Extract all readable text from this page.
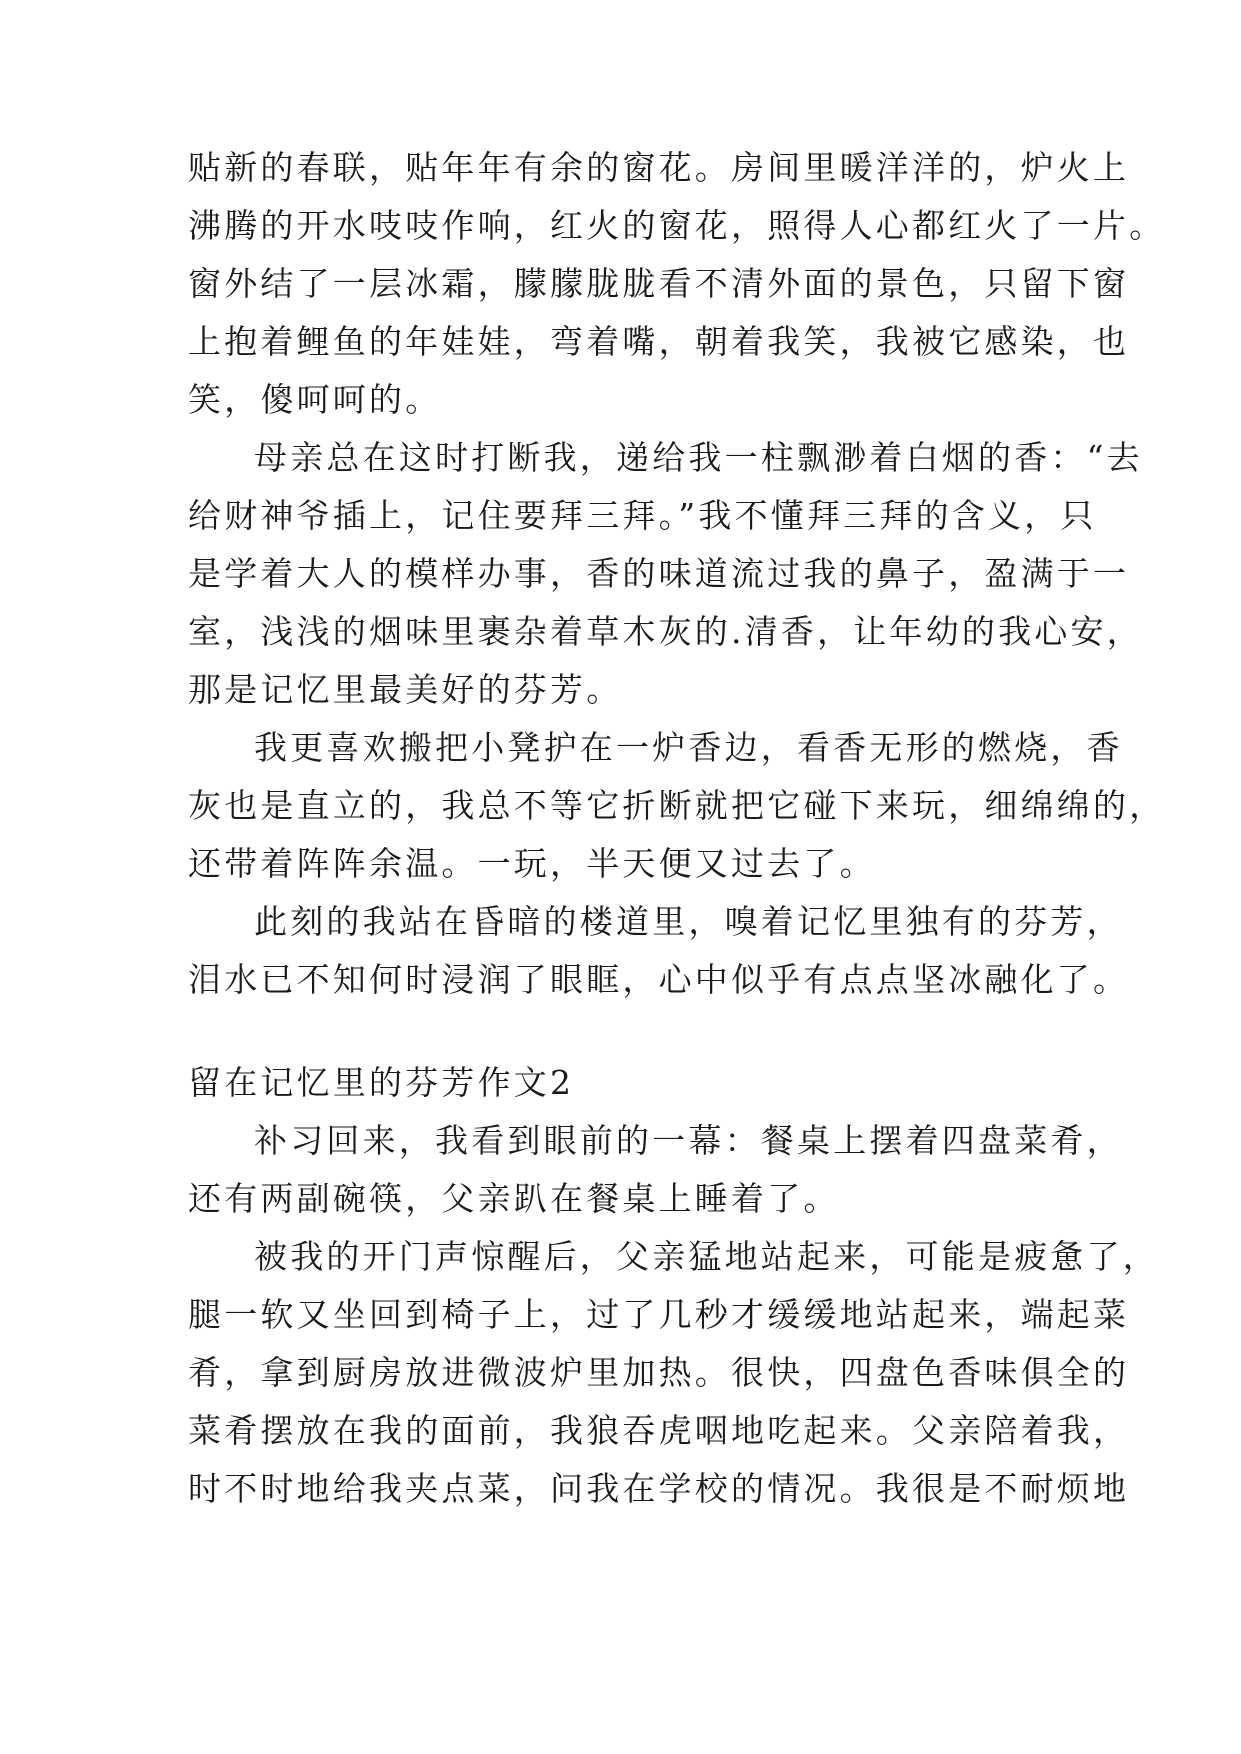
贴新的春联，贴年年有余的窗花。房间里暖洋洋的，炉火上
沸腾的开水吱吱作响，红火的窗花，照得人心都红火了一片。
窗外结了一层冰霜，朦朦胧胧看不清外面的景色，只留下窗
上抱着鲤鱼的年娃娃，弯着嘴，朝着我笑，我被它感染，也
笑，傻呵呵的。
母亲总在这时打断我，递给我一柱飘渺着白烟的香：“去
给财神爷插上，记住要拜三拜。”我不懂拜三拜的含义，只
是学着大人的模样办事，香的味道流过我的鼻子，盈满于一
室，浅浅的烟味里裹杂着草木灰的.清香，让年幼的我心安，
那是记忆里最美好的芬芳。
我更喜欢搬把小凳护在一炉香边，看香无形的燃烧，香
灰也是直立的，我总不等它折断就把它碰下来玩，细绵绵的，
还带着阵阵余温。一玩，半天便又过去了。
此刻的我站在昏暗的楼道里，嗅着记忆里独有的芬芳，
泪水已不知何时浸润了眼眶，心中似乎有点点坚冰融化了。
留在记忆里的芬芳作文2
补习回来，我看到眼前的一幕：餐桌上摆着四盘菜肴，
还有两副碗筷，父亲趴在餐桌上睡着了。
被我的开门声惊醒后，父亲猛地站起来，可能是疲惫了，
腿一软又坐回到椅子上，过了几秒才缓缓地站起来，端起菜
肴，拿到厨房放进微波炉里加热。很快，四盘色香味俱全的
菜肴摆放在我的面前，我狼吞虎咽地吃起来。父亲陪着我，
时不时地给我夹点菜，问我在学校的情况。我很是不耐烦地
